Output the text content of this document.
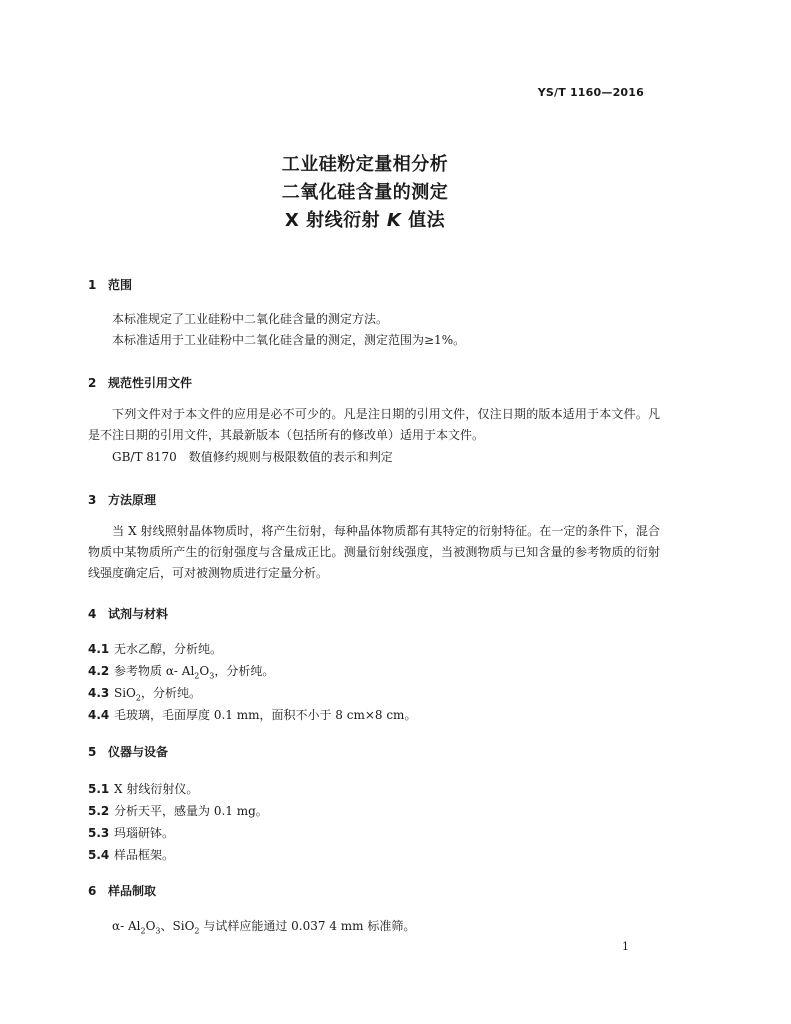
YS/T 1160—2016
工业硅粉定量相分析
二氧化硅含量的测定
X 射线衍射 K 值法
1 范围
本标准规定了工业硅粉中二氧化硅含量的测定方法。
本标准适用于工业硅粉中二氧化硅含量的测定，测定范围为≥1%。
2 规范性引用文件
下列文件对于本文件的应用是必不可少的。凡是注日期的引用文件，仅注日期的版本适用于本文件。凡是不注日期的引用文件，其最新版本（包括所有的修改单）适用于本文件。
GB/T 8170　数值修约规则与极限数值的表示和判定
3 方法原理
当 X 射线照射晶体物质时，将产生衍射，每种晶体物质都有其特定的衍射特征。在一定的条件下，混合物质中某物质所产生的衍射强度与含量成正比。测量衍射线强度，当被测物质与已知含量的参考物质的衍射线强度确定后，可对被测物质进行定量分析。
4 试剂与材料
4.1 无水乙醇，分析纯。
4.2 参考物质 α- $Al_2O_3$，分析纯。
4.3 SiO$_2$，分析纯。
4.4 毛玻璃，毛面厚度 0.1 mm，面积不小于 8 cm×8 cm。
5 仪器与设备
5.1 X 射线衍射仪。
5.2 分析天平，感量为 0.1 mg。
5.3 玛瑙研钵。
5.4 样品框架。
6 样品制取
α- $Al_2O_3$、SiO$_2$ 与试样应能通过 0.037 4 mm 标准筛。
1
